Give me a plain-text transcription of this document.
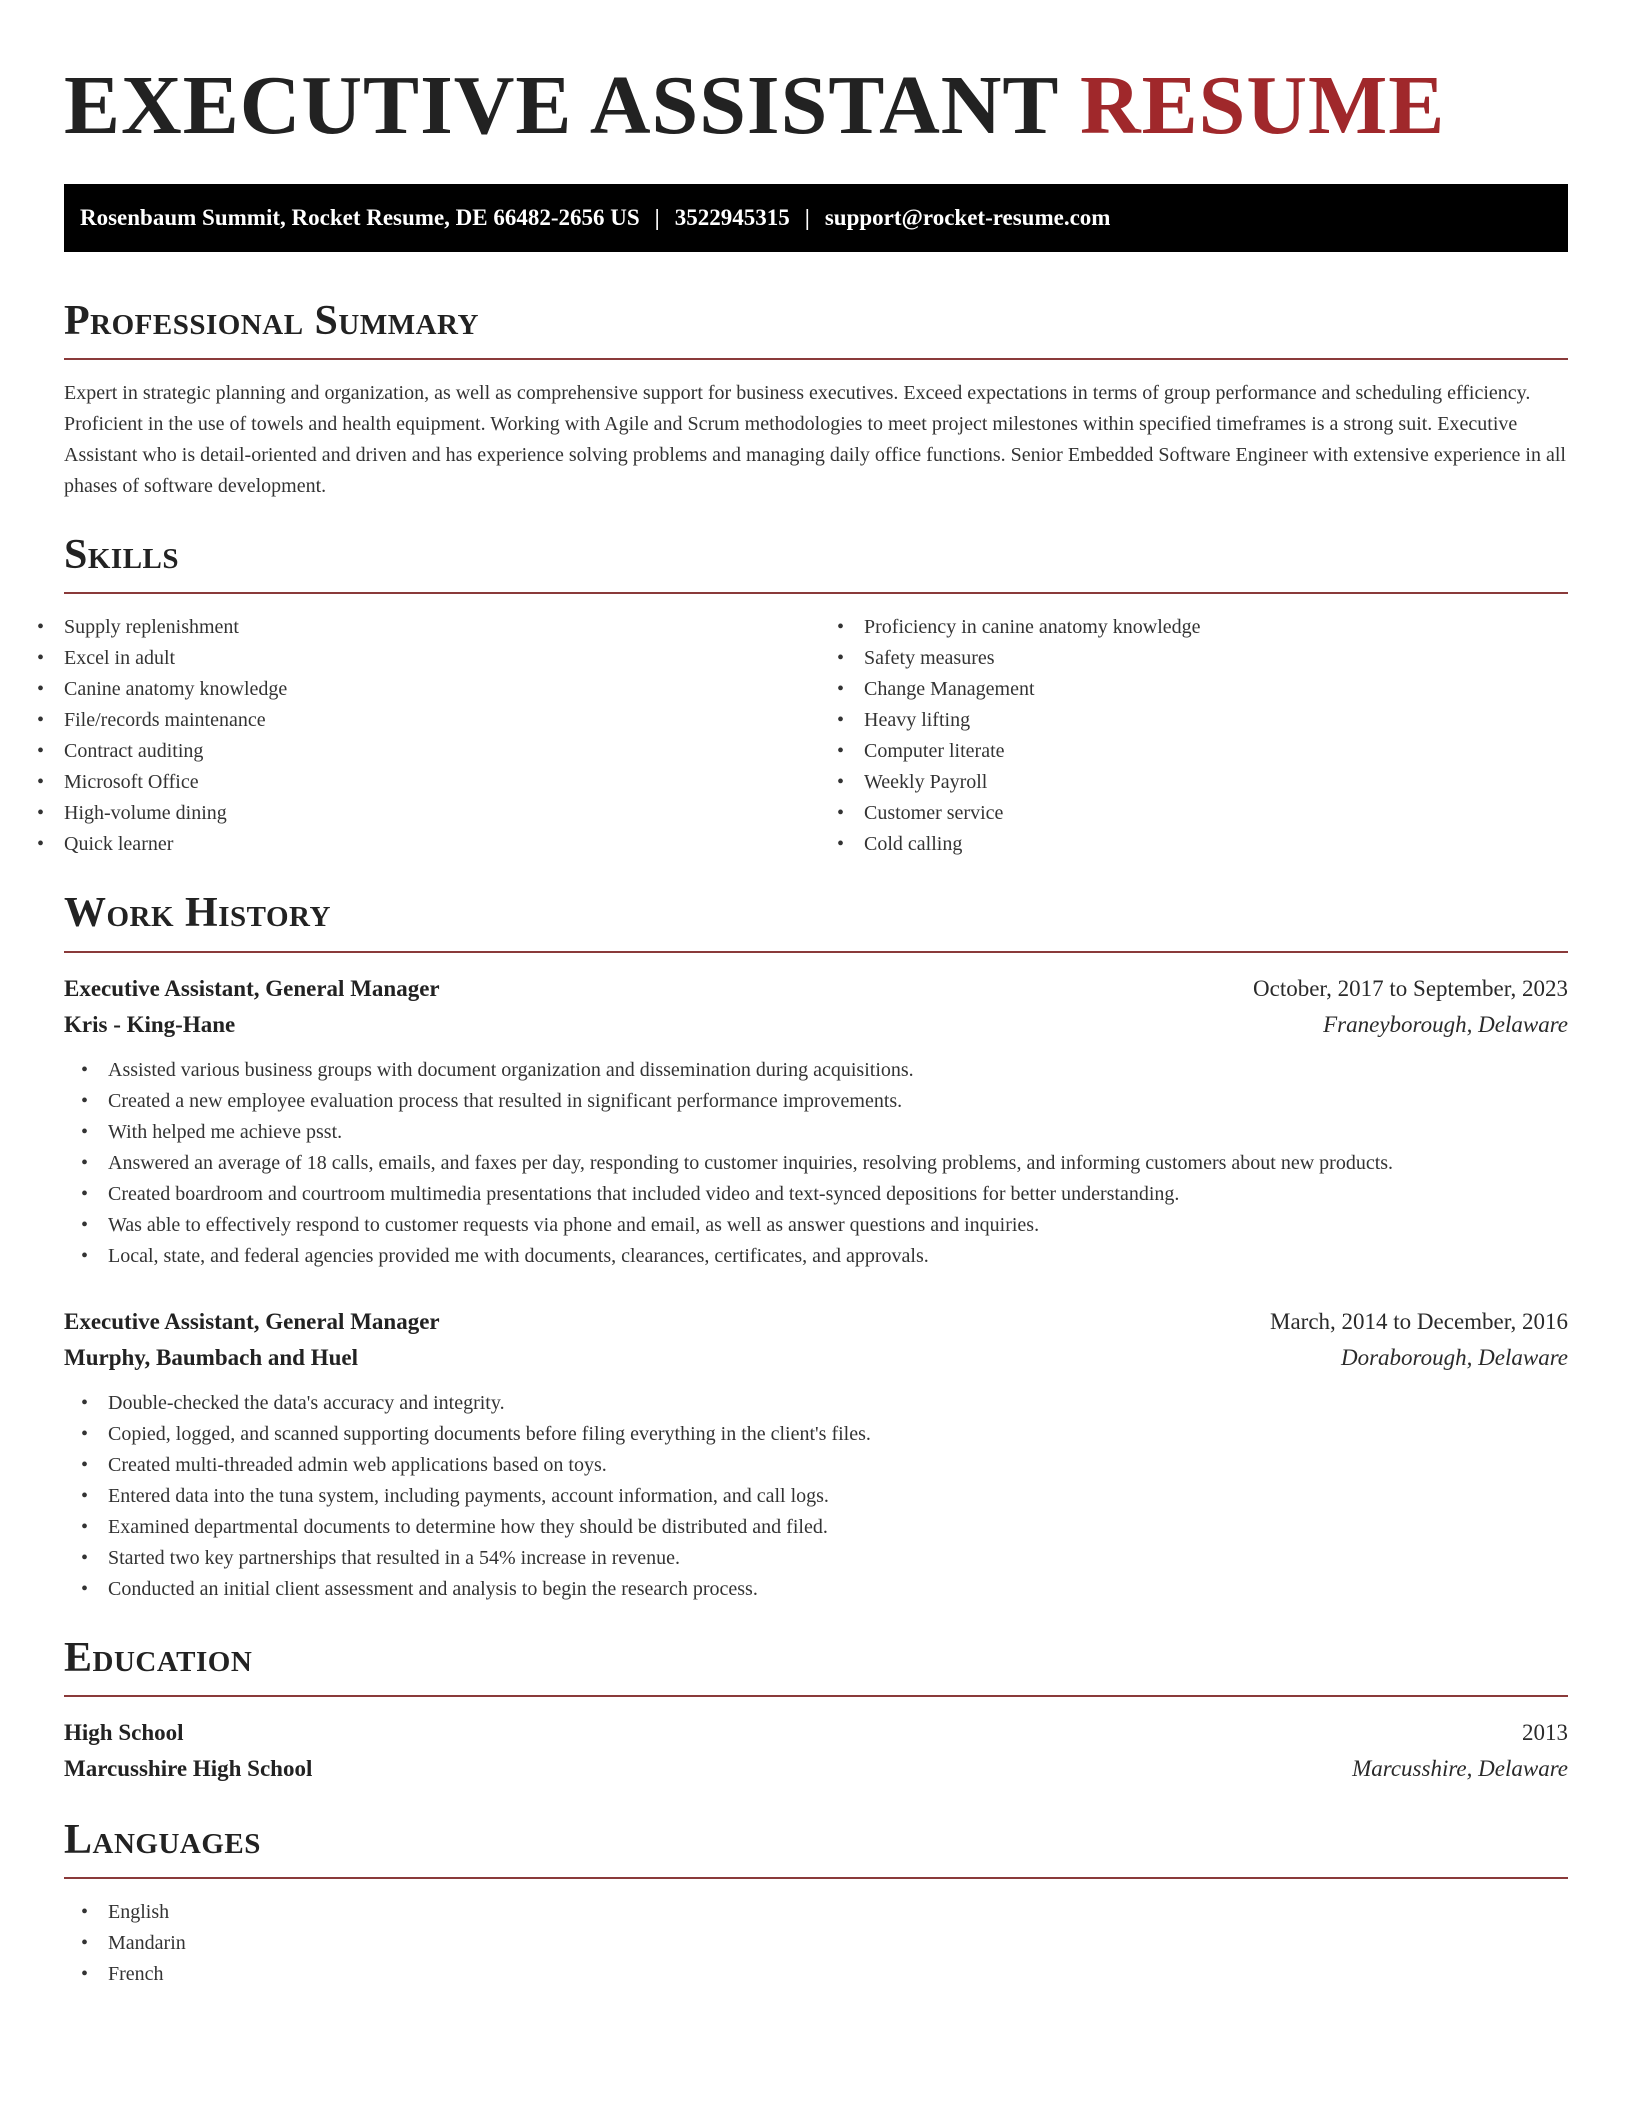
EXECUTIVE ASSISTANT RESUME
Rosenbaum Summit, Rocket Resume, DE 66482-2656 US | 3522945315 | support@rocket-resume.com
Professional Summary

Expert in strategic planning and organization, as well as comprehensive support for business executives. Exceed expectations in terms of group performance and scheduling efficiency. Proficient in the use of towels and health equipment. Working with Agile and Scrum methodologies to meet project milestones within specified timeframes is a strong suit. Executive Assistant who is detail-oriented and driven and has experience solving problems and managing daily office functions. Senior Embedded Software Engineer with extensive experience in all phases of software development.

Skills
• Supply replenishment
• Excel in adult
• Canine anatomy knowledge
• File/records maintenance
• Contract auditing
• Microsoft Office
• High-volume dining
• Quick learner
• Proficiency in canine anatomy knowledge
• Safety measures
• Change Management
• Heavy lifting
• Computer literate
• Weekly Payroll
• Customer service
• Cold calling
Work History
Executive Assistant, General Manager	October, 2017 to September, 2023
Kris - King-Hane	Franeyborough, Delaware
• Assisted various business groups with document organization and dissemination during acquisitions.
• Created a new employee evaluation process that resulted in significant performance improvements.
• With helped me achieve psst.
• Answered an average of 18 calls, emails, and faxes per day, responding to customer inquiries, resolving problems, and informing customers about new products.
• Created boardroom and courtroom multimedia presentations that included video and text-synced depositions for better understanding.
• Was able to effectively respond to customer requests via phone and email, as well as answer questions and inquiries.
• Local, state, and federal agencies provided me with documents, clearances, certificates, and approvals.
Executive Assistant, General Manager	March, 2014 to December, 2016
Murphy, Baumbach and Huel	Doraborough, Delaware
• Double-checked the data's accuracy and integrity.
• Copied, logged, and scanned supporting documents before filing everything in the client's files.
• Created multi-threaded admin web applications based on toys.
• Entered data into the tuna system, including payments, account information, and call logs.
• Examined departmental documents to determine how they should be distributed and filed.
• Started two key partnerships that resulted in a 54% increase in revenue.
• Conducted an initial client assessment and analysis to begin the research process.
Education
High School	2013
Marcusshire High School	Marcusshire, Delaware
Languages
• English
• Mandarin
• French
